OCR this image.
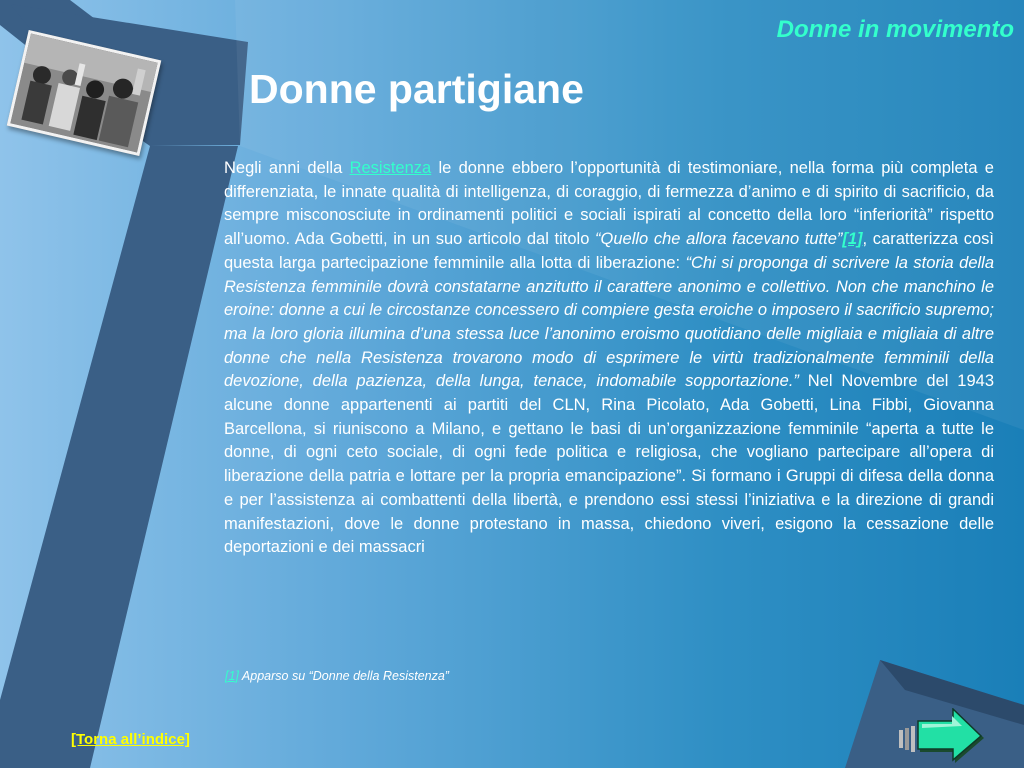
Donne in movimento
Donne partigiane

Negli anni della Resistenza le donne ebbero l’opportunità di testimoniare, nella forma più completa e differenziata, le innate qualità di intelligenza, di coraggio, di fermezza d’animo e di spirito di sacrificio, da sempre misconosciute in ordinamenti politici e sociali ispirati al concetto della loro “inferiorità” rispetto all’uomo. Ada Gobetti, in un suo articolo dal titolo “Quello che allora facevano tutte”[1], caratterizza così questa larga partecipazione femminile alla lotta di liberazione: “Chi si proponga di scrivere la storia della Resistenza femminile dovrà constatarne anzitutto il carattere anonimo e collettivo. Non che manchino le eroine: donne a cui le circostanze concessero di compiere gesta eroiche o imposero il sacrificio supremo; ma la loro gloria illumina d’una stessa luce l’anonimo eroismo quotidiano delle migliaia e migliaia di altre donne che nella Resistenza trovarono modo di esprimere le virtù tradizionalmente femminili della devozione, della pazienza, della lunga, tenace, indomabile sopportazione.” Nel Novembre del 1943 alcune donne appartenenti ai partiti del CLN, Rina Picolato, Ada Gobetti, Lina Fibbi, Giovanna Barcellona, si riuniscono a Milano, e gettano le basi di un’organizzazione femminile “aperta a tutte le donne, di ogni ceto sociale, di ogni fede politica e religiosa, che vogliano partecipare all’opera di liberazione della patria e lottare per la propria emancipazione”. Si formano i Gruppi di difesa della donna e per l’assistenza ai combattenti della libertà, e prendono essi stessi l’iniziativa e la direzione di grandi manifestazioni, dove le donne protestano in massa, chiedono viveri, esigono la cessazione delle deportazioni e dei massacri

[1] Apparso su “Donne della Resistenza”

[Torna all’indice]
